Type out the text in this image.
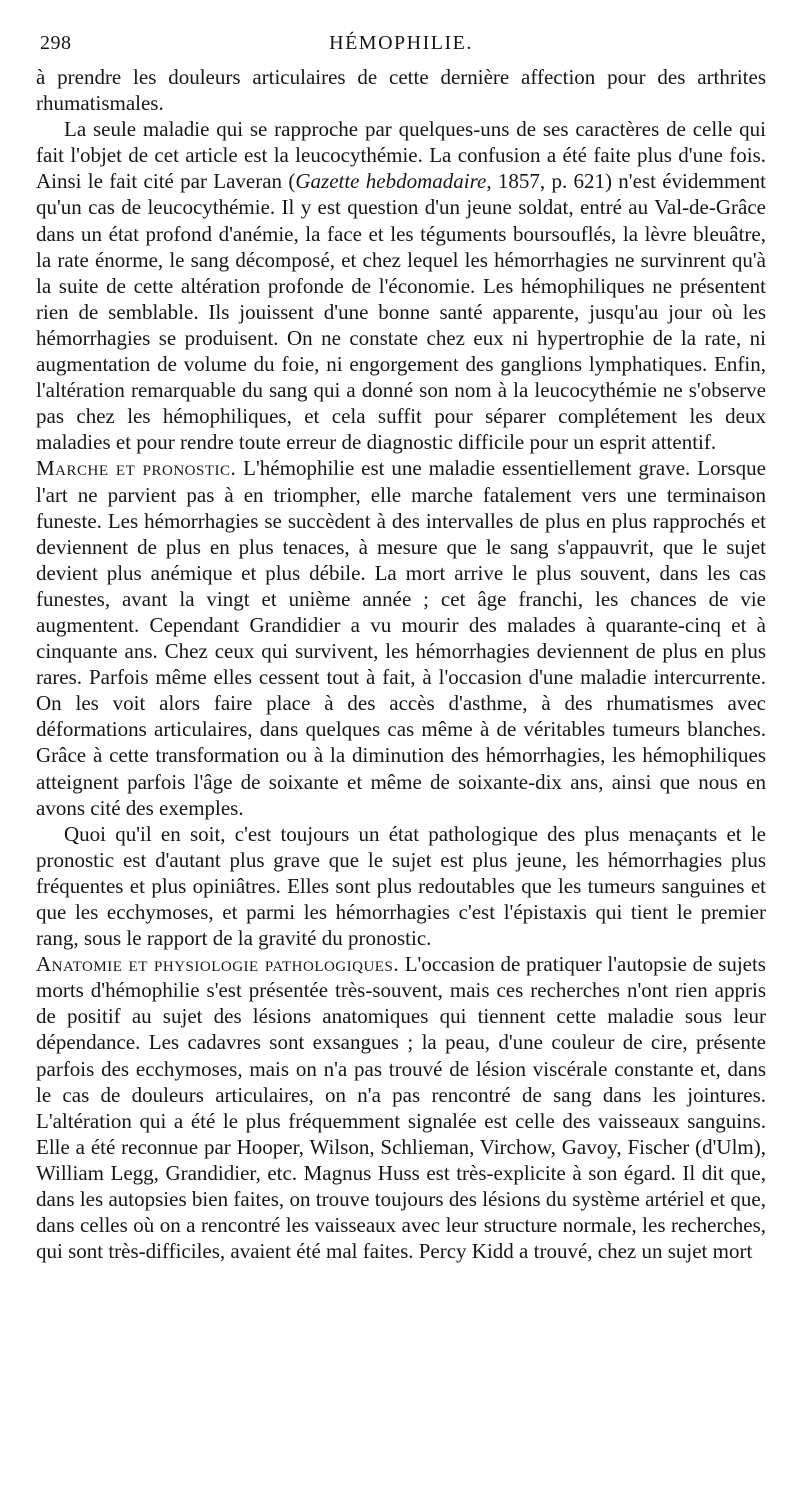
298	HÉMOPHILIE.

à prendre les douleurs articulaires de cette dernière affection pour des arthrites rhumatismales.

La seule maladie qui se rapproche par quelques-uns de ses caractères de celle qui fait l'objet de cet article est la leucocythémie. La confusion a été faite plus d'une fois. Ainsi le fait cité par Laveran (Gazette hebdomadaire, 1857, p. 621) n'est évidemment qu'un cas de leucocythémie. Il y est question d'un jeune soldat, entré au Val-de-Grâce dans un état profond d'anémie, la face et les téguments boursouflés, la lèvre bleuâtre, la rate énorme, le sang décomposé, et chez lequel les hémorrhagies ne survinrent qu'à la suite de cette altération profonde de l'économie. Les hémophiliques ne présentent rien de semblable. Ils jouissent d'une bonne santé apparente, jusqu'au jour où les hémorrhagies se produisent. On ne constate chez eux ni hypertrophie de la rate, ni augmentation de volume du foie, ni engorgement des ganglions lymphatiques. Enfin, l'altération remarquable du sang qui a donné son nom à la leucocythémie ne s'observe pas chez les hémophiliques, et cela suffit pour séparer complétement les deux maladies et pour rendre toute erreur de diagnostic difficile pour un esprit attentif.

Marche et pronostic. L'hémophilie est une maladie essentiellement grave. Lorsque l'art ne parvient pas à en triompher, elle marche fatalement vers une terminaison funeste. Les hémorrhagies se succèdent à des intervalles de plus en plus rapprochés et deviennent de plus en plus tenaces, à mesure que le sang s'appauvrit, que le sujet devient plus anémique et plus débile. La mort arrive le plus souvent, dans les cas funestes, avant la vingt et unième année ; cet âge franchi, les chances de vie augmentent. Cependant Grandidier a vu mourir des malades à quarante-cinq et à cinquante ans. Chez ceux qui survivent, les hémorrhagies deviennent de plus en plus rares. Parfois même elles cessent tout à fait, à l'occasion d'une maladie intercurrente. On les voit alors faire place à des accès d'asthme, à des rhumatismes avec déformations articulaires, dans quelques cas même à de véritables tumeurs blanches. Grâce à cette transformation ou à la diminution des hémorrhagies, les hémophiliques atteignent parfois l'âge de soixante et même de soixante-dix ans, ainsi que nous en avons cité des exemples.

Quoi qu'il en soit, c'est toujours un état pathologique des plus menaçants et le pronostic est d'autant plus grave que le sujet est plus jeune, les hémorrhagies plus fréquentes et plus opiniâtres. Elles sont plus redoutables que les tumeurs sanguines et que les ecchymoses, et parmi les hémorrhagies c'est l'épistaxis qui tient le premier rang, sous le rapport de la gravité du pronostic.

Anatomie et physiologie pathologiques. L'occasion de pratiquer l'autopsie de sujets morts d'hémophilie s'est présentée très-souvent, mais ces recherches n'ont rien appris de positif au sujet des lésions anatomiques qui tiennent cette maladie sous leur dépendance. Les cadavres sont exsangues ; la peau, d'une couleur de cire, présente parfois des ecchymoses, mais on n'a pas trouvé de lésion viscérale constante et, dans le cas de douleurs articulaires, on n'a pas rencontré de sang dans les jointures. L'altération qui a été le plus fréquemment signalée est celle des vaisseaux sanguins. Elle a été reconnue par Hooper, Wilson, Schlieman, Virchow, Gavoy, Fischer (d'Ulm), William Legg, Grandidier, etc. Magnus Huss est très-explicite à son égard. Il dit que, dans les autopsies bien faites, on trouve toujours des lésions du système artériel et que, dans celles où on a rencontré les vaisseaux avec leur structure normale, les recherches, qui sont très-difficiles, avaient été mal faites. Percy Kidd a trouvé, chez un sujet mort
